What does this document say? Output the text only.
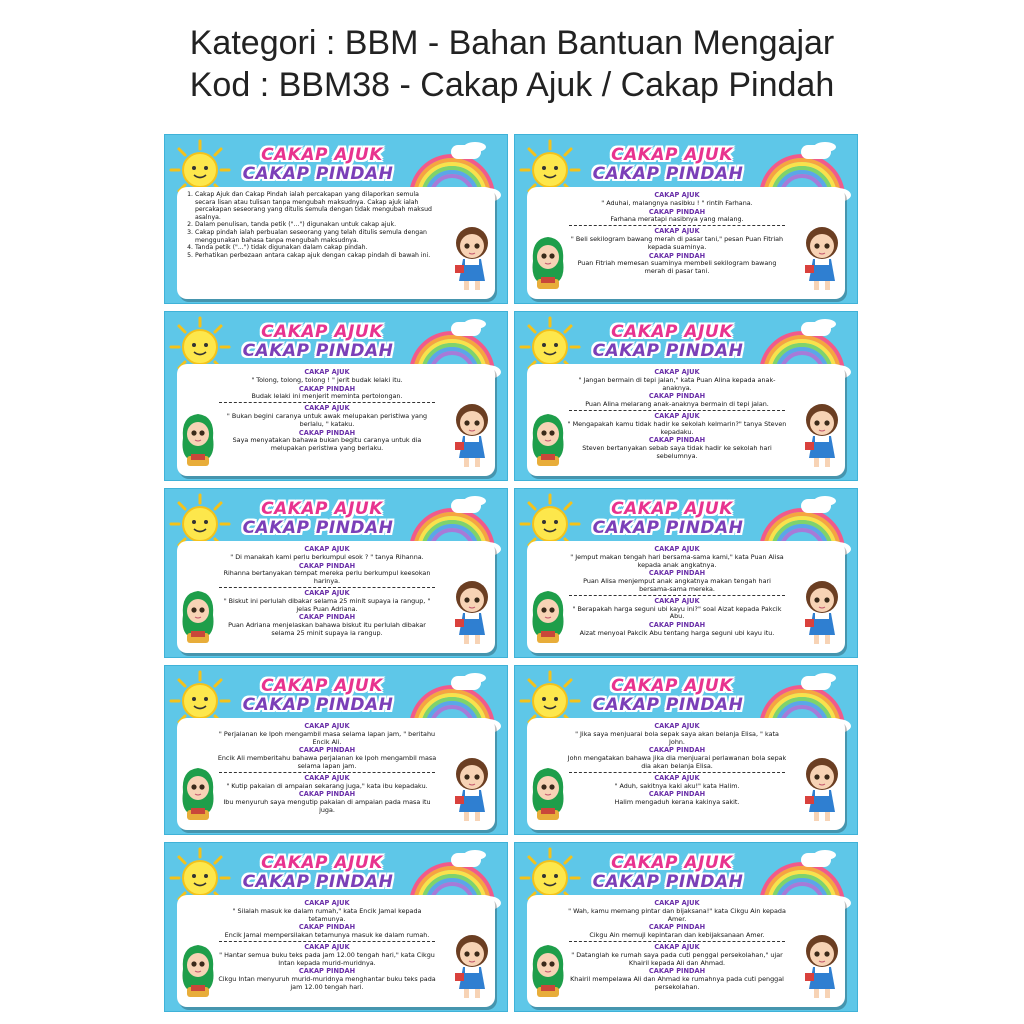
Kategori : BBM - Bahan Bantuan Mengajar
Kod : BBM38 - Cakap Ajuk / Cakap Pindah
CAKAP AJUK
CAKAP PINDAH
1. Cakap Ajuk dan Cakap Pindah ialah percakapan yang dilaporkan semula secara lisan atau tulisan tanpa mengubah maksudnya. Cakap ajuk ialah percakapan seseorang yang ditulis semula dengan tidak mengubah maksud asalnya.
2. Dalam penulisan, tanda petik ("...") digunakan untuk cakap ajuk.
3. Cakap pindah ialah perbualan seseorang yang telah ditulis semula dengan menggunakan bahasa tanpa mengubah maksudnya.
4. Tanda petik ("...") tidak digunakan dalam cakap pindah.
5. Perhatikan perbezaan antara cakap ajuk dengan cakap pindah di bawah ini.
CAKAP AJUK
CAKAP PINDAH
CAKAP AJUK
" Aduhai, malangnya nasibku ! " rintih Farhana.
CAKAP PINDAH
Farhana meratapi nasibnya yang malang.
CAKAP AJUK
" Beli sekilogram bawang merah di pasar tani," pesan Puan Fitriah kepada suaminya.
CAKAP PINDAH
Puan Fitriah memesan suaminya membeli sekilogram bawang merah di pasar tani.
CAKAP AJUK
CAKAP PINDAH
CAKAP AJUK
" Tolong, tolong, tolong ! " jerit budak lelaki itu.
CAKAP PINDAH
Budak lelaki ini menjerit meminta pertolongan.
CAKAP AJUK
" Bukan begini caranya untuk awak melupakan peristiwa yang berlalu, " kataku.
CAKAP PINDAH
Saya menyatakan bahawa bukan begitu caranya untuk dia melupakan peristiwa yang berlaku.
CAKAP AJUK
CAKAP PINDAH
CAKAP AJUK
" Jangan bermain di tepi jalan," kata Puan Alina kepada anak-anaknya.
CAKAP PINDAH
Puan Alina melarang anak-anaknya bermain di tepi jalan.
CAKAP AJUK
" Mengapakah kamu tidak hadir ke sekolah kelmarin?" tanya Steven kepadaku.
CAKAP PINDAH
Steven bertanyakan sebab saya tidak hadir ke sekolah hari sebelumnya.
CAKAP AJUK
CAKAP PINDAH
CAKAP AJUK
" Di manakah kami perlu berkumpul esok ? " tanya Rihanna.
CAKAP PINDAH
Rihanna bertanyakan tempat mereka perlu berkumpul keesokan harinya.
CAKAP AJUK
" Biskut ini perlulah dibakar selama 25 minit supaya ia rangup, " jelas Puan Adriana.
CAKAP PINDAH
Puan Adriana menjelaskan bahawa biskut itu perlulah dibakar selama 25 minit supaya ia rangup.
CAKAP AJUK
CAKAP PINDAH
CAKAP AJUK
" Jemput makan tengah hari bersama-sama kami," kata Puan Alisa kepada anak angkatnya.
CAKAP PINDAH
Puan Alisa menjemput anak angkatnya makan tengah hari bersama-sama mereka.
CAKAP AJUK
" Berapakah harga seguni ubi kayu ini?" soal Aizat kepada Pakcik Abu.
CAKAP PINDAH
Aizat menyoal Pakcik Abu tentang harga seguni ubi kayu itu.
CAKAP AJUK
CAKAP PINDAH
CAKAP AJUK
" Perjalanan ke Ipoh mengambil masa selama lapan jam, " beritahu Encik Ali.
CAKAP PINDAH
Encik Ali memberitahu bahawa perjalanan ke Ipoh mengambil masa selama lapan jam.
CAKAP AJUK
" Kutip pakaian di ampaian sekarang juga," kata ibu kepadaku.
CAKAP PINDAH
Ibu menyuruh saya mengutip pakaian di ampaian pada masa itu juga.
CAKAP AJUK
CAKAP PINDAH
CAKAP AJUK
" Jika saya menjuarai bola sepak saya akan belanja Elisa, " kata John.
CAKAP PINDAH
John mengatakan bahawa jika dia menjuarai perlawanan bola sepak dia akan belanja Elisa.
CAKAP AJUK
" Aduh, sakitnya kaki aku!" kata Halim.
CAKAP PINDAH
Halim mengaduh kerana kakinya sakit.
CAKAP AJUK
CAKAP PINDAH
CAKAP AJUK
" Silalah masuk ke dalam rumah," kata Encik Jamal kepada tetamunya.
CAKAP PINDAH
Encik Jamal mempersilakan tetamunya masuk ke dalam rumah.
CAKAP AJUK
" Hantar semua buku teks pada jam 12.00 tengah hari," kata Cikgu Intan kepada murid-muridnya.
CAKAP PINDAH
Cikgu Intan menyuruh murid-muridnya menghantar buku teks pada jam 12.00 tengah hari.
CAKAP AJUK
CAKAP PINDAH
CAKAP AJUK
" Wah, kamu memang pintar dan bijaksana!" kata Cikgu Ain kepada Amer.
CAKAP PINDAH
Cikgu Ain memuji kepintaran dan kebijaksanaan Amer.
CAKAP AJUK
" Datanglah ke rumah saya pada cuti penggal persekolahan," ujar Khairil kepada Ali dan Ahmad.
CAKAP PINDAH
Khairil mempelawa Ali dan Ahmad ke rumahnya pada cuti penggal persekolahan.
